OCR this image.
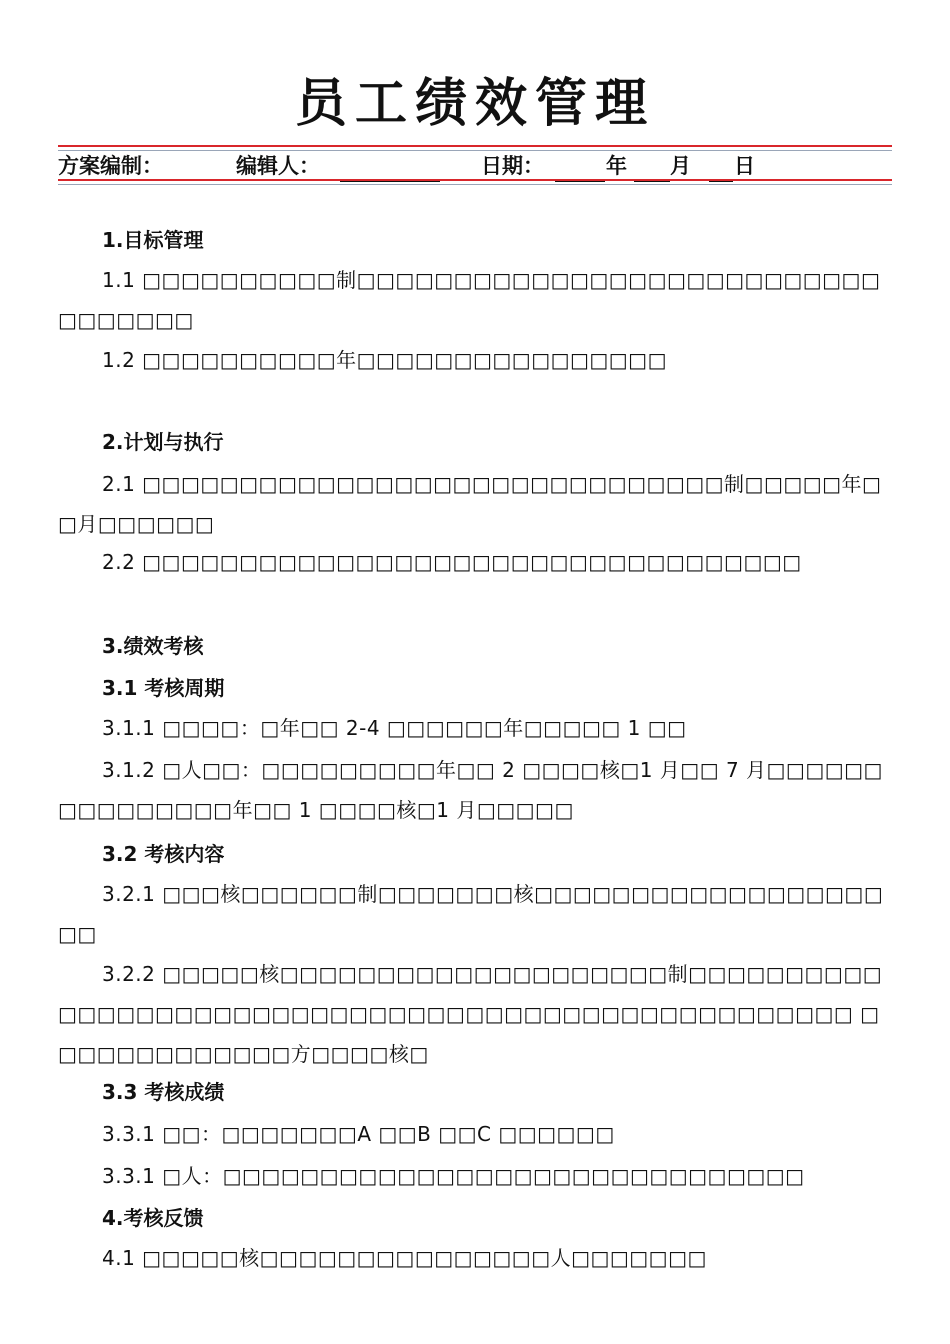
员工绩效管理
方案编制：	编辑人：	日期：	年 月 日
1.目标管理
1.1 □□□□□□□□□□制□□□□□□□□□□□□□□□□□□□□□□□□□□□□□□□□□□
1.2 □□□□□□□□□□年□□□□□□□□□□□□□□□□
2.计划与执行
2.1 □□□□□□□□□□□□□□□□□□□□□□□□□□□□□□制□□□□□年□□月□□□□□□
2.2 □□□□□□□□□□□□□□□□□□□□□□□□□□□□□□□□□□
3.绩效考核
3.1 考核周期
3.1.1 □□□□：□年□□ 2-4 □□□□□□年□□□□□ 1 □□
3.1.2 □人□□：□□□□□□□□□年□□ 2 □□□□核□1 月□□ 7 月□□□□□□□□□□□□□□□年□□ 1 □□□□核□1 月□□□□□
3.2 考核内容
3.2.1 □□□核□□□□□□制□□□□□□□核□□□□□□□□□□□□□□□□□□□□
3.2.2 □□□□□核□□□□□□□□□□□□□□□□□□□□制□□□□□□□□□□□□□□□□□□□□□□□□□□□□□□□□□□□□□□□□□□□□□□□□□□□ □□□□□□□□□□□□□方□□□□核□
3.3 考核成绩
3.3.1 □□：□□□□□□□A □□B □□C □□□□□□
3.3.1 □人：□□□□□□□□□□□□□□□□□□□□□□□□□□□□□□
4.考核反馈
4.1 □□□□□核□□□□□□□□□□□□□□□人□□□□□□□
